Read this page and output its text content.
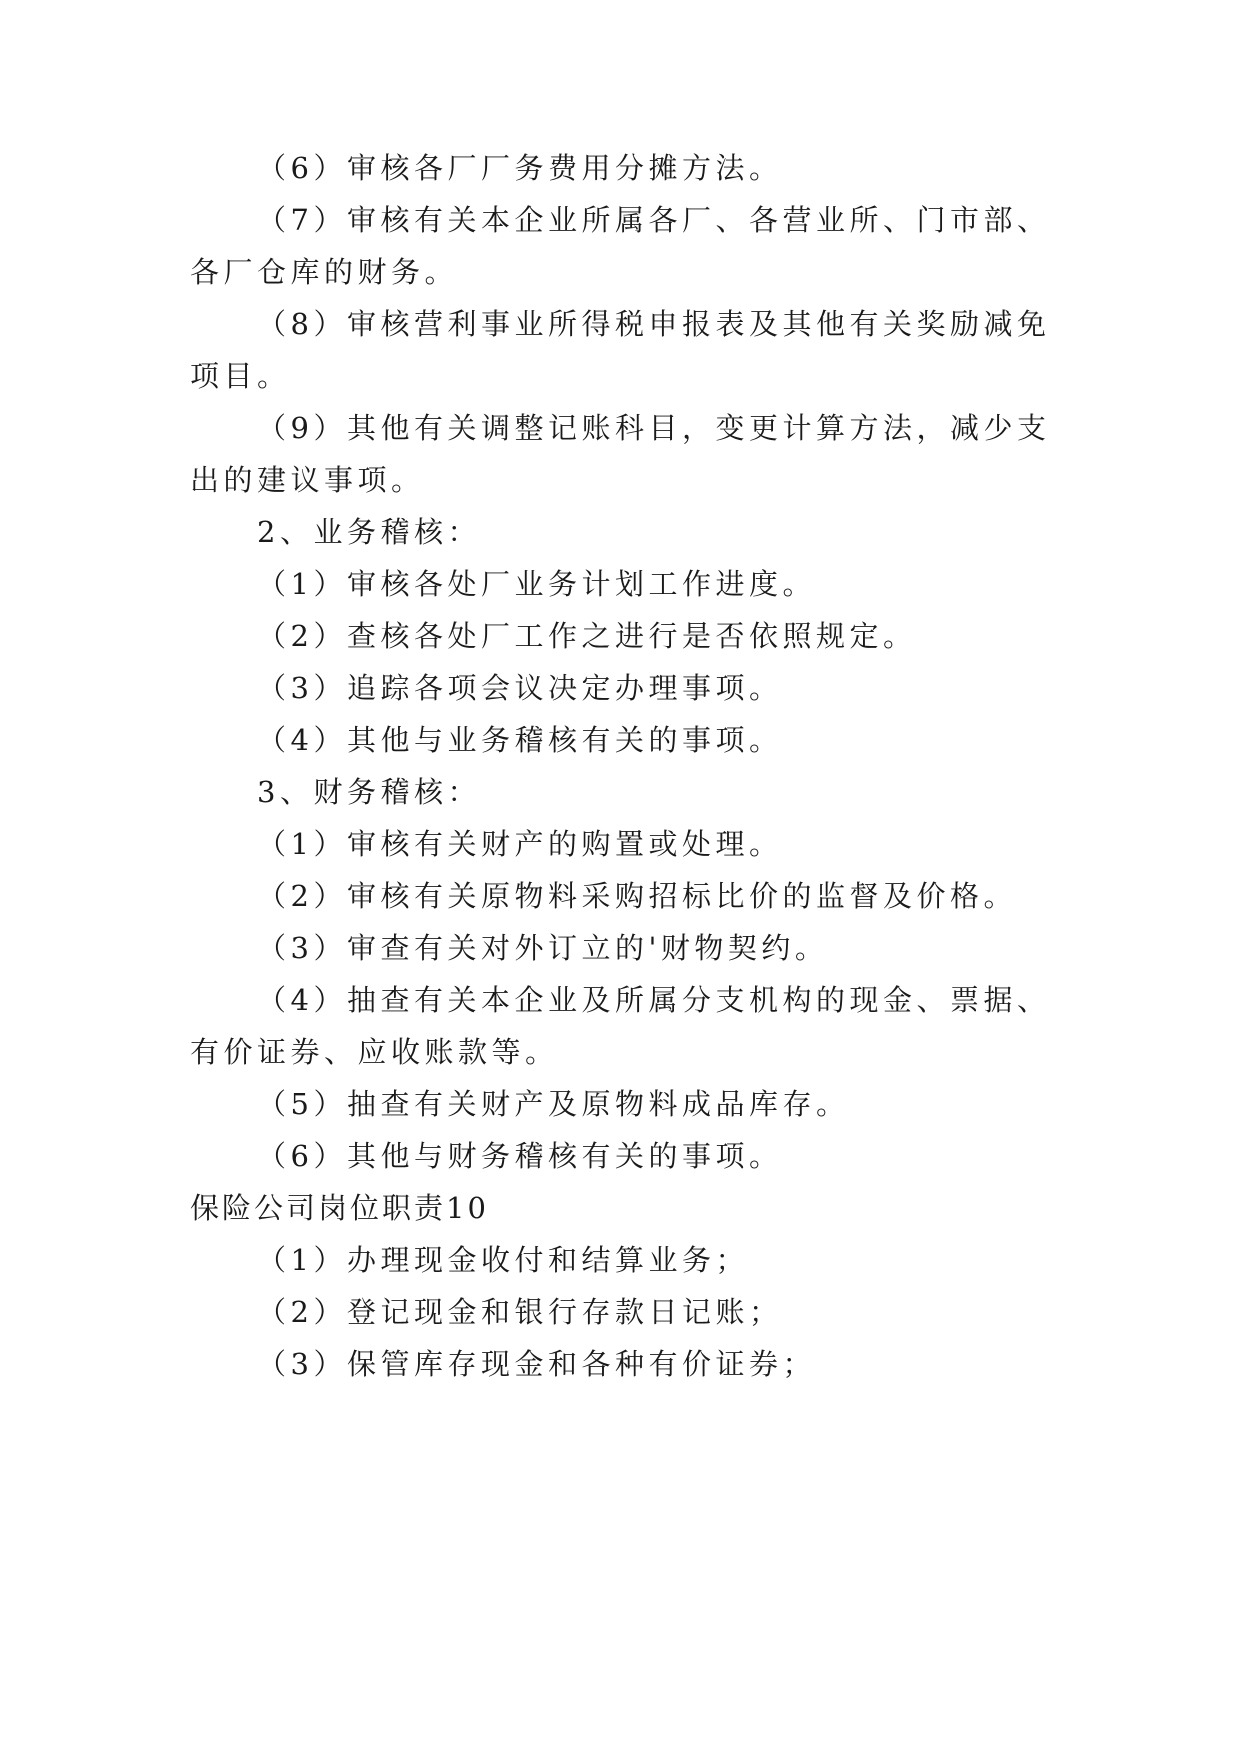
（6）审核各厂厂务费用分摊方法。
（7）审核有关本企业所属各厂、各营业所、门市部、
各厂仓库的财务。
（8）审核营利事业所得税申报表及其他有关奖励减免
项目。
（9）其他有关调整记账科目，变更计算方法，减少支
出的建议事项。
2、业务稽核：
（1）审核各处厂业务计划工作进度。
（2）查核各处厂工作之进行是否依照规定。
（3）追踪各项会议决定办理事项。
（4）其他与业务稽核有关的事项。
3、财务稽核：
（1）审核有关财产的购置或处理。
（2）审核有关原物料采购招标比价的监督及价格。
（3）审查有关对外订立的'财物契约。
（4）抽查有关本企业及所属分支机构的现金、票据、
有价证券、应收账款等。
（5）抽查有关财产及原物料成品库存。
（6）其他与财务稽核有关的事项。
保险公司岗位职责10
（1）办理现金收付和结算业务；
（2）登记现金和银行存款日记账；
（3）保管库存现金和各种有价证券；
